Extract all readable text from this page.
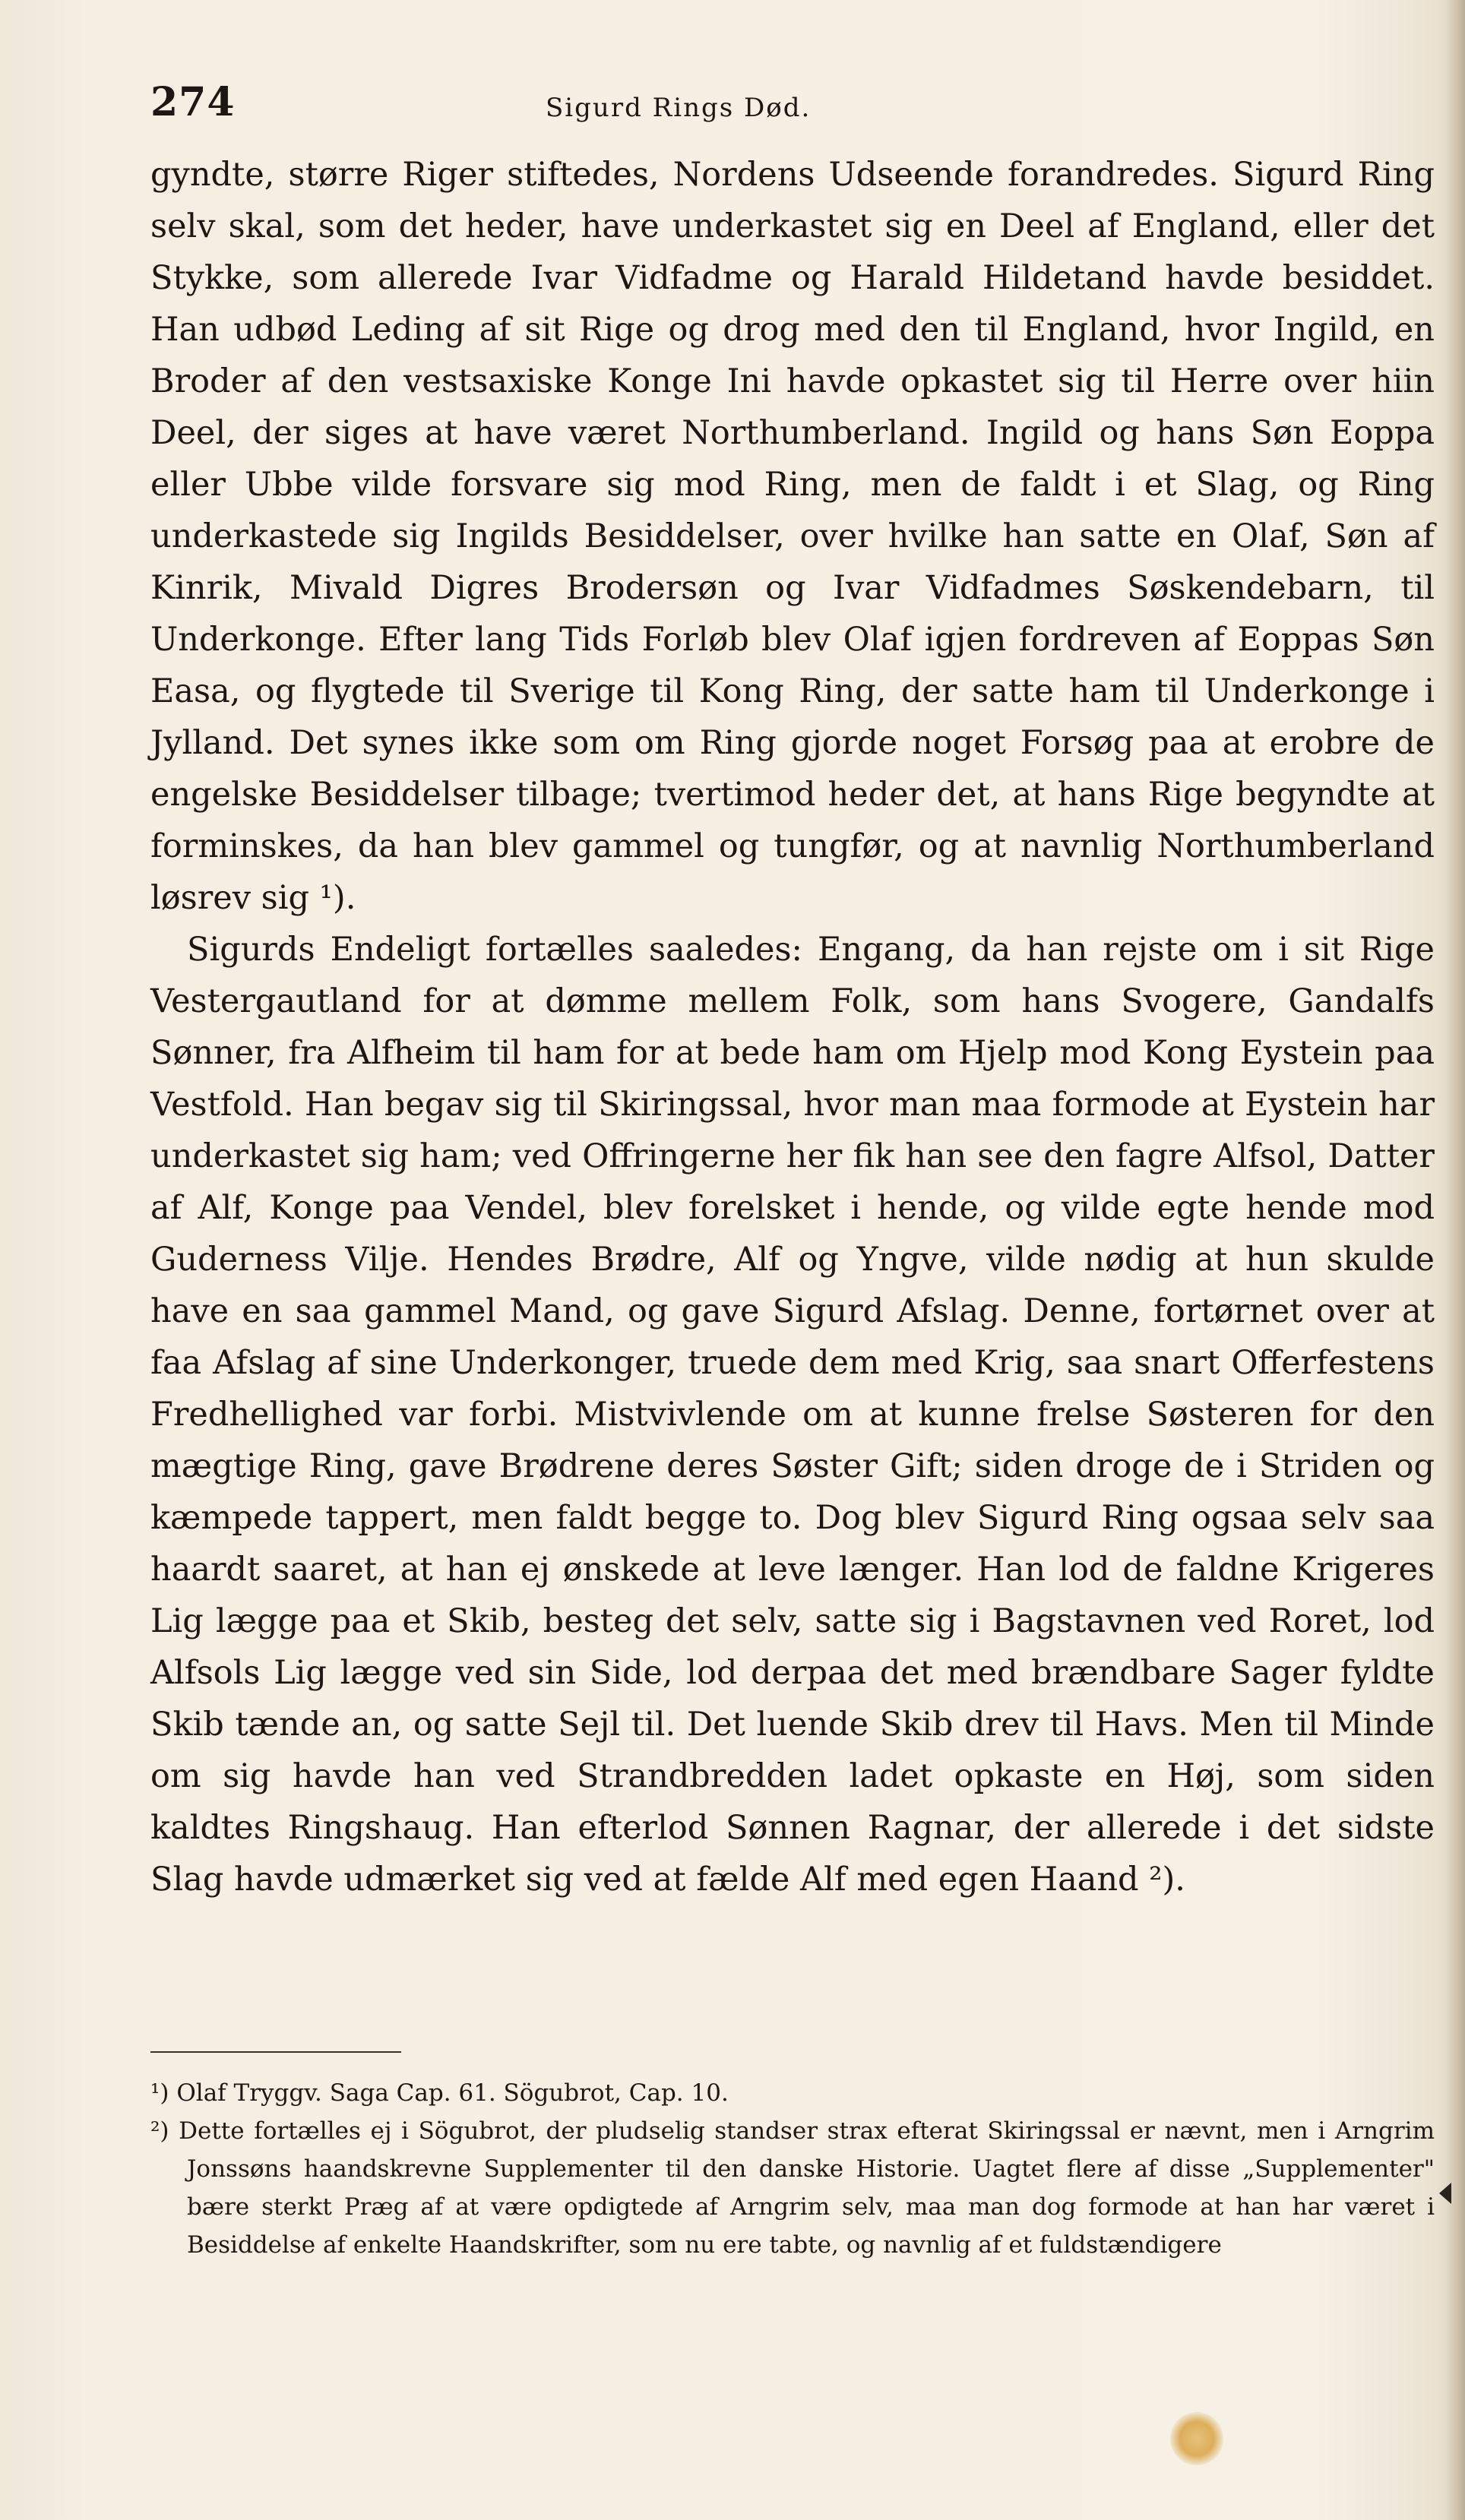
274	Sigurd Rings Død.

gyndte, større Riger stiftedes, Nordens Udseende forandredes. Sigurd Ring selv skal, som det heder, have underkastet sig en Deel af England, eller det Stykke, som allerede Ivar Vidfadme og Harald Hildetand havde besiddet. Han udbød Leding af sit Rige og drog med den til England, hvor Ingild, en Broder af den vestsaxiske Konge Ini havde opkastet sig til Herre over hiin Deel, der siges at have været Northumberland. Ingild og hans Søn Eoppa eller Ubbe vilde forsvare sig mod Ring, men de faldt i et Slag, og Ring underkastede sig Ingilds Besiddelser, over hvilke han satte en Olaf, Søn af Kinrik, Mivald Digres Brodersøn og Ivar Vidfadmes Søskendebarn, til Underkonge. Efter lang Tids Forløb blev Olaf igjen fordreven af Eoppas Søn Easa, og flygtede til Sverige til Kong Ring, der satte ham til Underkonge i Jylland. Det synes ikke som om Ring gjorde noget Forsøg paa at erobre de engelske Besiddelser tilbage; tvertimod heder det, at hans Rige begyndte at forminskes, da han blev gammel og tungfør, og at navnlig Northumberland løsrev sig ¹).

Sigurds Endeligt fortælles saaledes: Engang, da han rejste om i sit Rige Vestergautland for at dømme mellem Folk, som hans Svogere, Gandalfs Sønner, fra Alfheim til ham for at bede ham om Hjelp mod Kong Eystein paa Vestfold. Han begav sig til Skiringssal, hvor man maa formode at Eystein har underkastet sig ham; ved Offringerne her fik han see den fagre Alfsol, Datter af Alf, Konge paa Vendel, blev forelsket i hende, og vilde egte hende mod Guderness Vilje. Hendes Brødre, Alf og Yngve, vilde nødig at hun skulde have en saa gammel Mand, og gave Sigurd Afslag. Denne, fortørnet over at faa Afslag af sine Underkonger, truede dem med Krig, saa snart Offerfestens Fredhellighed var forbi. Mistvivlende om at kunne frelse Søsteren for den mægtige Ring, gave Brødrene deres Søster Gift; siden droge de i Striden og kæmpede tappert, men faldt begge to. Dog blev Sigurd Ring ogsaa selv saa haardt saaret, at han ej ønskede at leve længer. Han lod de faldne Krigeres Lig lægge paa et Skib, besteg det selv, satte sig i Bagstavnen ved Roret, lod Alfsols Lig lægge ved sin Side, lod derpaa det med brændbare Sager fyldte Skib tænde an, og satte Sejl til. Det luende Skib drev til Havs. Men til Minde om sig havde han ved Strandbredden ladet opkaste en Høj, som siden kaldtes Ringshaug. Han efterlod Sønnen Ragnar, der allerede i det sidste Slag havde udmærket sig ved at fælde Alf med egen Haand ²).

¹) Olaf Tryggv. Saga Cap. 61. Sögubrot, Cap. 10.

²) Dette fortælles ej i Sögubrot, der pludselig standser strax efterat Skiringssal er nævnt, men i Arngrim Jonssøns haandskrevne Supplementer til den danske Historie. Uagtet flere af disse „Supplementer" bære sterkt Præg af at være opdigtede af Arngrim selv, maa man dog formode at han har været i Besiddelse af enkelte Haandskrifter, som nu ere tabte, og navnlig af et fuldstændigere
